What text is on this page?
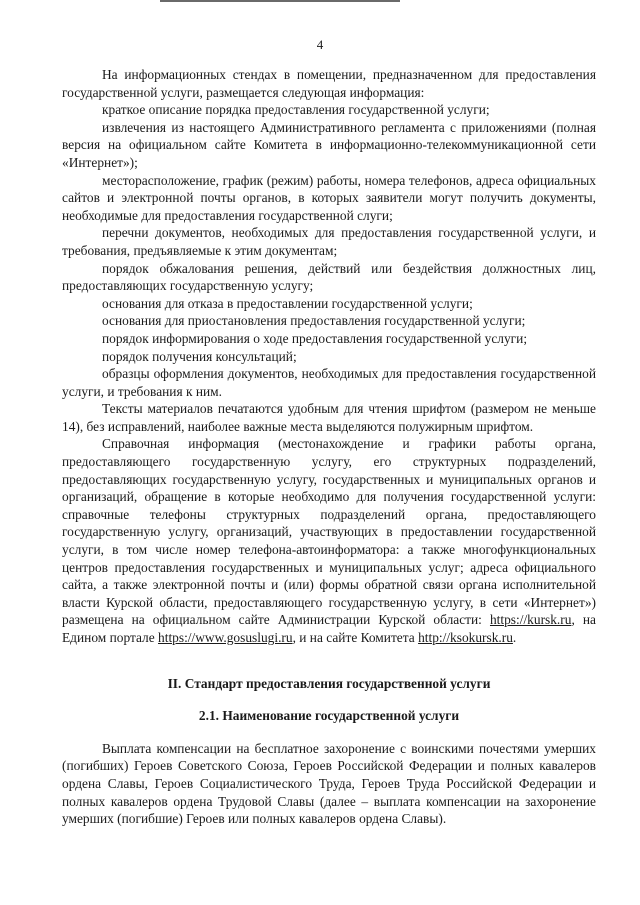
4

На информационных стендах в помещении, предназначенном для предоставления государственной услуги, размещается следующая информация:

краткое описание порядка предоставления государственной услуги;

извлечения из настоящего Административного регламента с приложениями (полная версия на официальном сайте Комитета в информационно-телекоммуникационной сети «Интернет»);

месторасположение, график (режим) работы, номера телефонов, адреса официальных сайтов и электронной почты органов, в которых заявители могут получить документы, необходимые для предоставления государственной слуги;

перечни документов, необходимых для предоставления государственной услуги, и требования, предъявляемые к этим документам;

порядок обжалования решения, действий или бездействия должностных лиц, предоставляющих государственную услугу;

основания для отказа в предоставлении государственной услуги;

основания для приостановления предоставления государственной услуги;

порядок информирования о ходе предоставления государственной услуги;

порядок получения консультаций;

образцы оформления документов, необходимых для предоставления государственной услуги, и требования к ним.

Тексты материалов печатаются удобным для чтения шрифтом (размером не меньше 14), без исправлений, наиболее важные места выделяются полужирным шрифтом.

Справочная информация (местонахождение и графики работы органа, предоставляющего государственную услугу, его структурных подразделений, предоставляющих государственную услугу, государственных и муниципальных органов и организаций, обращение в которые необходимо для получения государственной услуги: справочные телефоны структурных подразделений органа, предоставляющего государственную услугу, организаций, участвующих в предоставлении государственной услуги, в том числе номер телефона-автоинформатора: а также многофункциональных центров предоставления государственных и муниципальных услуг; адреса официального сайта, а также электронной почты и (или) формы обратной связи органа исполнительной власти Курской области, предоставляющего государственную услугу, в сети «Интернет») размещена на официальном сайте Администрации Курской области: https://kursk.ru, на Едином портале https://www.gosuslugi.ru, и на сайте Комитета http://ksokursk.ru.

II. Стандарт предоставления государственной услуги

2.1. Наименование государственной услуги

Выплата компенсации на бесплатное захоронение с воинскими почестями умерших (погибших) Героев Советского Союза, Героев Российской Федерации и полных кавалеров ордена Славы, Героев Социалистического Труда, Героев Труда Российской Федерации и полных кавалеров ордена Трудовой Славы (далее – выплата компенсации на захоронение умерших (погибшие) Героев или полных кавалеров ордена Славы).
